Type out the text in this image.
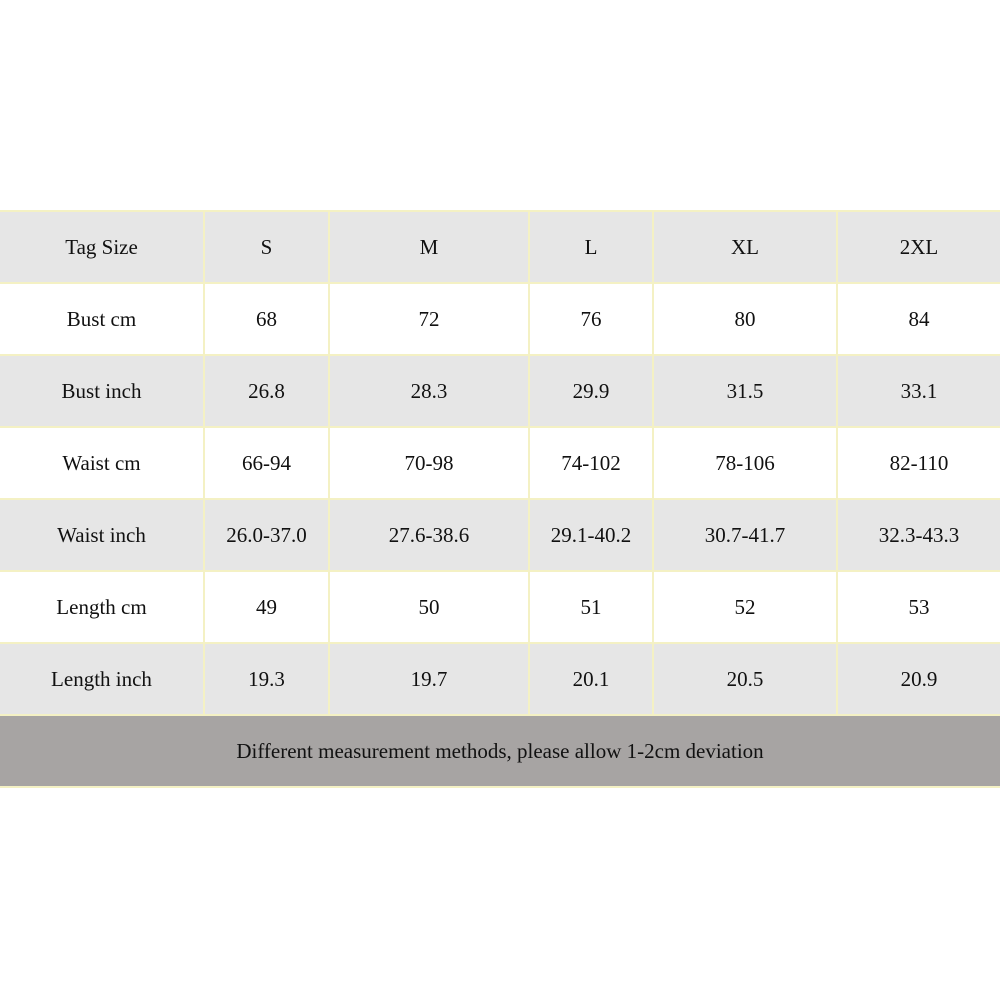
Tag Size	S	M	L	XL	2XL
Bust cm	68	72	76	80	84
Bust inch	26.8	28.3	29.9	31.5	33.1
Waist cm	66-94	70-98	74-102	78-106	82-110
Waist inch	26.0-37.0	27.6-38.6	29.1-40.2	30.7-41.7	32.3-43.3
Length cm	49	50	51	52	53
Length inch	19.3	19.7	20.1	20.5	20.9
Different measurement methods, please allow 1-2cm deviation					
